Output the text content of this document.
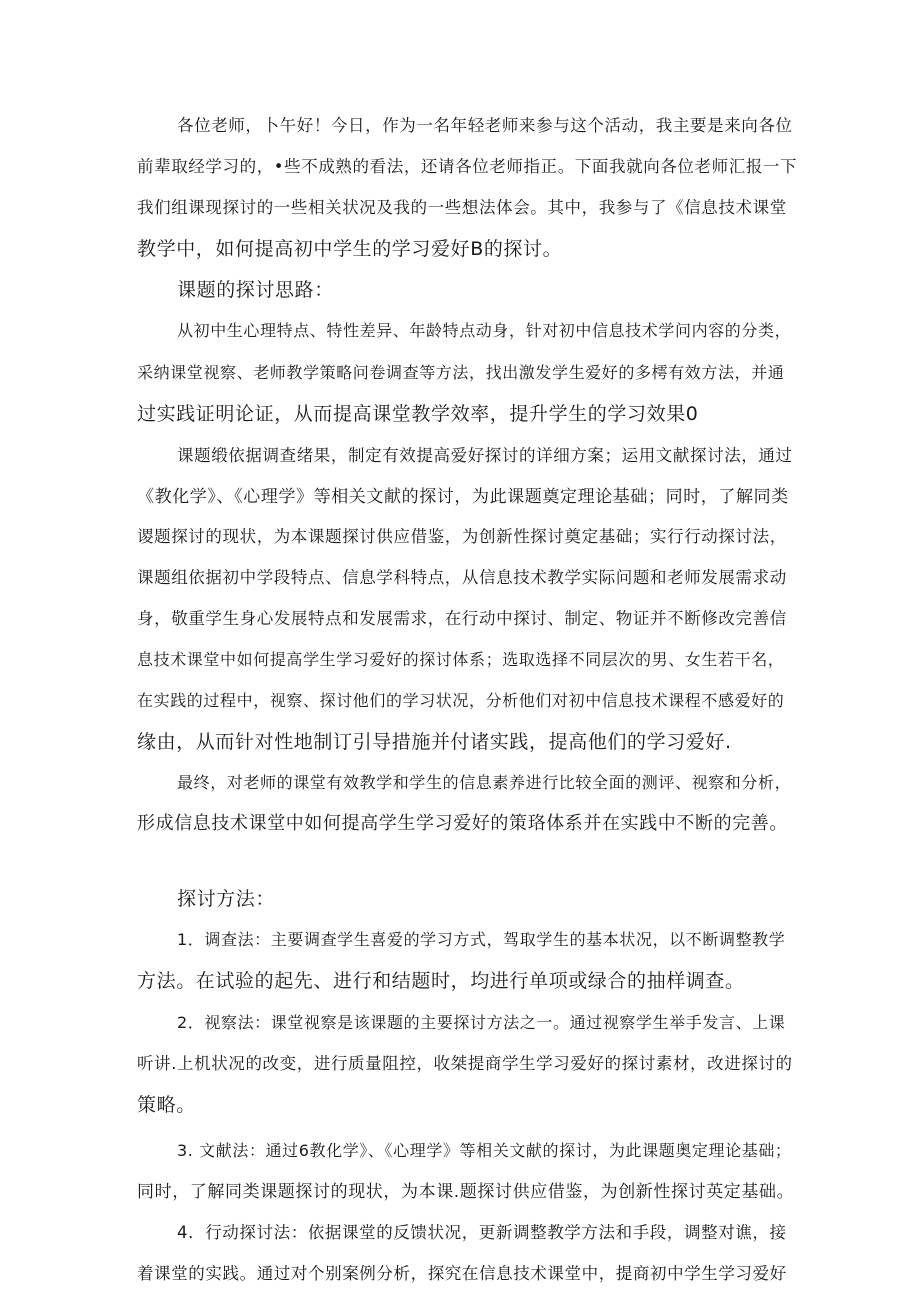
各位老师，卜午好！今日，作为一名年轻老师来参与这个活动，我主要是来向各位
前辈取经学习的，•些不成熟的看法，还请各位老师指正。下面我就向各位老师汇报一下
我们组课现探讨的一些相关状况及我的一些想法体会。其中，我参与了《信息技术课堂
教学中，如何提高初中学生的学习爱好B的探讨。
课题的探讨思路：
从初中生心理特点、特性差异、年龄特点动身，针对初中信息技术学问内容的分类，
采纳课堂视察、老师教学策略问卷调查等方法，找出激发学生爱好的多樗有效方法，并通
过实践证明论证，从而提高课堂教学效率，提升学生的学习效果0
课题缎依据调查绪果，制定有效提高爱好探讨的详细方案；运用文献探讨法，通过
《教化学》、《心理学》等相关文献的探讨，为此课题奠定理论基础；同时，了解同类
谡题探讨的现状，为本课题探讨供应借鉴，为创新性探讨奠定基础；实行行动探讨法，
课题组依据初中学段特点、信息学科特点，从信息技术教学实际问题和老师发展需求动
身，敬重学生身心发展特点和发展需求，在行动中探讨、制定、物证并不断修改完善信
息技术课堂中如何提高学生学习爱好的探讨体系；选取选择不同层次的男、女生若干名，
在实践的过程中，视察、探讨他们的学习状况，分析他们对初中信息技术课程不感爱好的
缘由，从而针对性地制订引导措施并付诸实践，提高他们的学习爱好.
最终，对老师的课堂有效教学和学生的信息素养进行比较全面的测评、视察和分析，
形成信息技术课堂中如何提高学生学习爱好的策珞体系并在实践中不断的完善。
探讨方法：
1．调查法：主要调查学生喜爱的学习方式，驾取学生的基本状况，以不断调整教学
方法。在试验的起先、进行和结题时，均进行单项或绿合的抽样调查。
2．视察法：课堂视察是该课题的主要探讨方法之一。通过视察学生举手发言、上课
听讲.上机状况的改变，进行质量阻控，收桀提商学生学习爱好的探讨素材，改进探讨的
策略。
3. 文献法：通过6教化学》、《心理学》等相关文献的探讨，为此课题奥定理论基础；
同时，了解同类课题探讨的现状，为本课.题探讨供应借鉴，为创新性探讨英定基础。
4．行动探讨法：依据课堂的反馈状况，更新调整教学方法和手段，调整对谯，接
着课堂的实践。通过对个别案例分析，探究在信息技术课堂中，提商初中学生学习爱好
